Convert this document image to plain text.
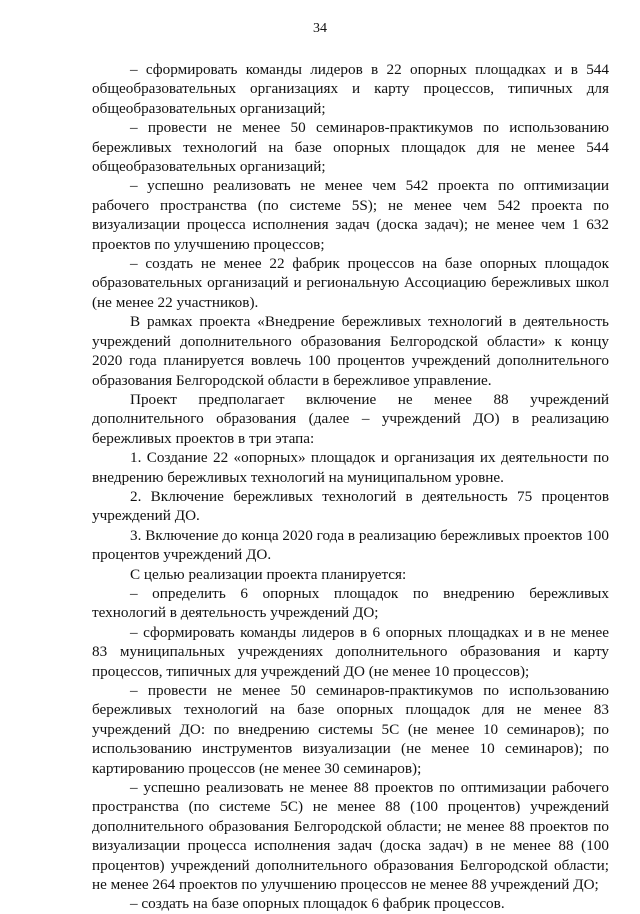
34

– сформировать команды лидеров в 22 опорных площадках и в 544 общеобразовательных организациях и карту процессов, типичных для общеобразовательных организаций;

– провести не менее 50 семинаров-практикумов по использованию бережливых технологий на базе опорных площадок для не менее 544 общеобразовательных организаций;

– успешно реализовать не менее чем 542 проекта по оптимизации рабочего пространства (по системе 5S); не менее чем 542 проекта по визуализации процесса исполнения задач (доска задач); не менее чем 1 632 проектов по улучшению процессов;

– создать не менее 22 фабрик процессов на базе опорных площадок образовательных организаций и региональную Ассоциацию бережливых школ (не менее 22 участников).

В рамках проекта «Внедрение бережливых технологий в деятельность учреждений дополнительного образования Белгородской области» к концу 2020 года планируется вовлечь 100 процентов учреждений дополнительного образования Белгородской области в бережливое управление.

Проект предполагает включение не менее 88 учреждений дополнительного образования (далее – учреждений ДО) в реализацию бережливых проектов в три этапа:

1. Создание 22 «опорных» площадок и организация их деятельности по внедрению бережливых технологий на муниципальном уровне.

2. Включение бережливых технологий в деятельность 75 процентов учреждений ДО.

3. Включение до конца 2020 года в реализацию бережливых проектов 100 процентов учреждений ДО.

С целью реализации проекта планируется:

– определить 6 опорных площадок по внедрению бережливых технологий в деятельность учреждений ДО;

– сформировать команды лидеров в 6 опорных площадках и в не менее 83 муниципальных учреждениях дополнительного образования и карту процессов, типичных для учреждений ДО (не менее 10 процессов);

– провести не менее 50 семинаров-практикумов по использованию бережливых технологий на базе опорных площадок для не менее 83 учреждений ДО: по внедрению системы 5С (не менее 10 семинаров); по использованию инструментов визуализации (не менее 10 семинаров); по картированию процессов (не менее 30 семинаров);

– успешно реализовать не менее 88 проектов по оптимизации рабочего пространства (по системе 5С) не менее 88 (100 процентов) учреждений дополнительного образования Белгородской области; не менее 88 проектов по визуализации процесса исполнения задач (доска задач) в не менее 88 (100 процентов) учреждений дополнительного образования Белгородской области; не менее 264 проектов по улучшению процессов не менее 88 учреждений ДО;

– создать на базе опорных площадок 6 фабрик процессов.
